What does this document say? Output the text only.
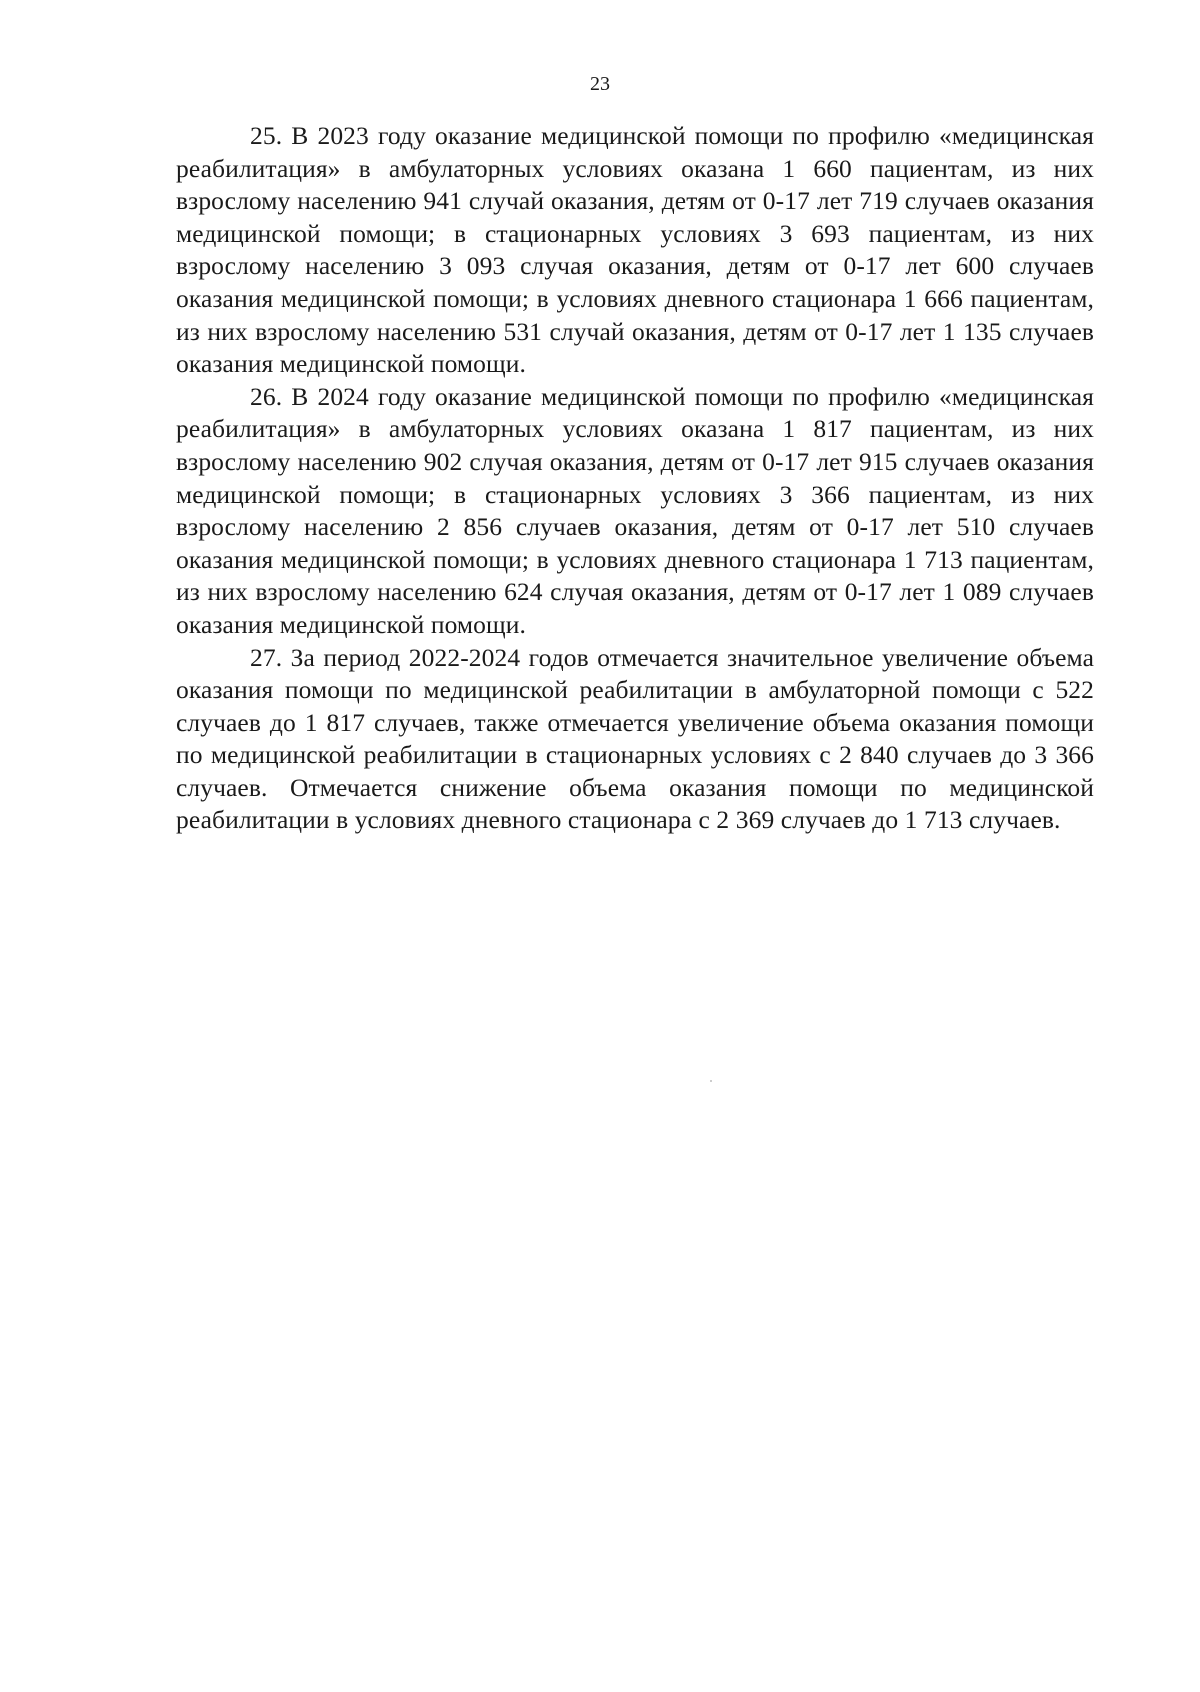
23

25. В 2023 году оказание медицинской помощи по профилю «медицинская реабилитация» в амбулаторных условиях оказана 1 660 пациентам, из них взрослому населению 941 случай оказания, детям от 0-17 лет 719 случаев оказания медицинской помощи; в стационарных условиях 3 693 пациентам, из них взрослому населению 3 093 случая оказания, детям от 0-17 лет 600 случаев оказания медицинской помощи; в условиях дневного стационара 1 666 пациентам, из них взрослому населению 531 случай оказания, детям от 0-17 лет 1 135 случаев оказания медицинской помощи.

26. В 2024 году оказание медицинской помощи по профилю «медицинская реабилитация» в амбулаторных условиях оказана 1 817 пациентам, из них взрослому населению 902 случая оказания, детям от 0-17 лет 915 случаев оказания медицинской помощи; в стационарных условиях 3 366 пациентам, из них взрослому населению 2 856 случаев оказания, детям от 0-17 лет 510 случаев оказания медицинской помощи; в условиях дневного стационара 1 713 пациентам, из них взрослому населению 624 случая оказания, детям от 0-17 лет 1 089 случаев оказания медицинской помощи.

27. За период 2022-2024 годов отмечается значительное увеличение объема оказания помощи по медицинской реабилитации в амбулаторной помощи с 522 случаев до 1 817 случаев, также отмечается увеличение объема оказания помощи по медицинской реабилитации в стационарных условиях с 2 840 случаев до 3 366 случаев. Отмечается снижение объема оказания помощи по медицинской реабилитации в условиях дневного стационара с 2 369 случаев до 1 713 случаев.
